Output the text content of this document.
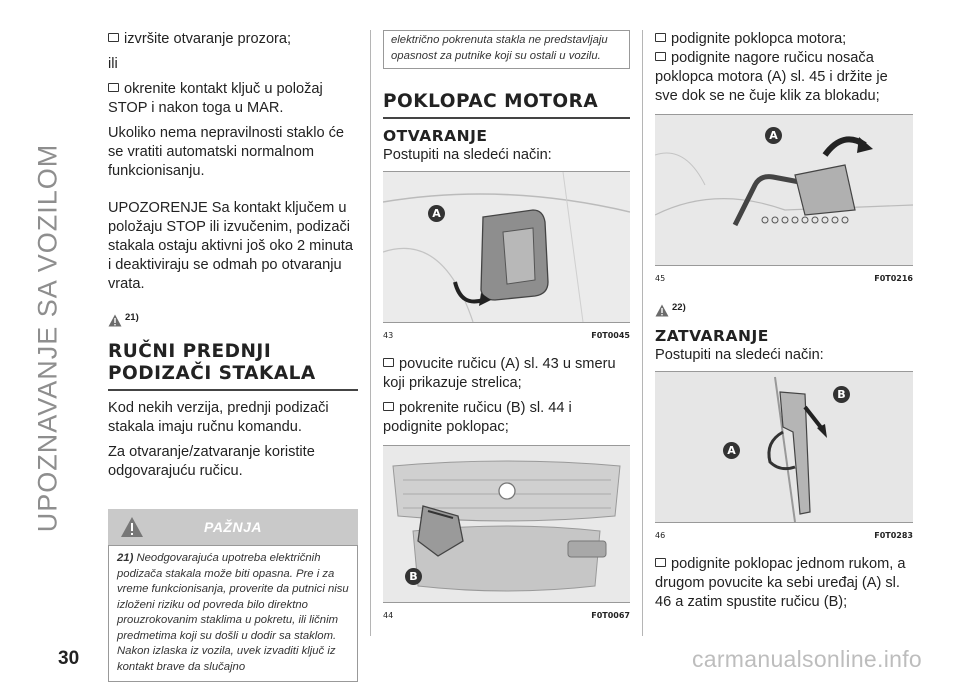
UPOZNAVANJE SA VOZILOM
30	carmanualsonline.info

izvršite otvaranje prozora;

ili

okrenite kontakt ključ u položaj STOP i nakon toga u MAR.

Ukoliko nema nepravilnosti staklo će se vratiti automatski normalnom funkcionisanju.

UPOZORENJE Sa kontakt ključem u položaju STOP ili izvučenim, podizači stakala ostaju aktivni još oko 2 minuta i deaktiviraju se odmah po otvaranju vrata.

21)
RUČNI PREDNJI
PODIZAČI STAKALA

Kod nekih verzija, prednji podizači stakala imaju ručnu komandu.

Za otvaranje/zatvaranje koristite odgovarajuću ručicu.

PAŽNJA
21) Neodgovarajuća upotreba električnih podizača stakala može biti opasna. Pre i za vreme funkcionisanja, proverite da putnici nisu izloženi riziku od povreda bilo direktno prouzrokovanim staklima u pokretu, ili ličnim predmetima koji su došli u dodir sa staklom. Nakon izlaska iz vozila, uvek izvaditi ključ iz kontakt brave da slučajno
električno pokrenuta stakla ne predstavljaju opasnost za putnike koji su ostali u vozilu.
POKLOPAC MOTORA
OTVARANJE

Postupiti na sledeći način:

A
43	F0T0045

povucite ručicu (A) sl. 43 u smeru koji prikazuje strelica;

pokrenite ručicu (B) sl. 44 i podignite poklopac;

B
44	F0T0067

podignite poklopca motora;

podignite nagore ručicu nosača poklopca motora (A) sl. 45 i držite je sve dok se ne čuje klik za blokadu;

A
45	F0T0216
22)
ZATVARANJE

Postupiti na sledeći način:

B
A
46	F0T0283

podignite poklopac jednom rukom, a drugom povucite ka sebi uređaj (A) sl. 46 a zatim spustite ručicu (B);
